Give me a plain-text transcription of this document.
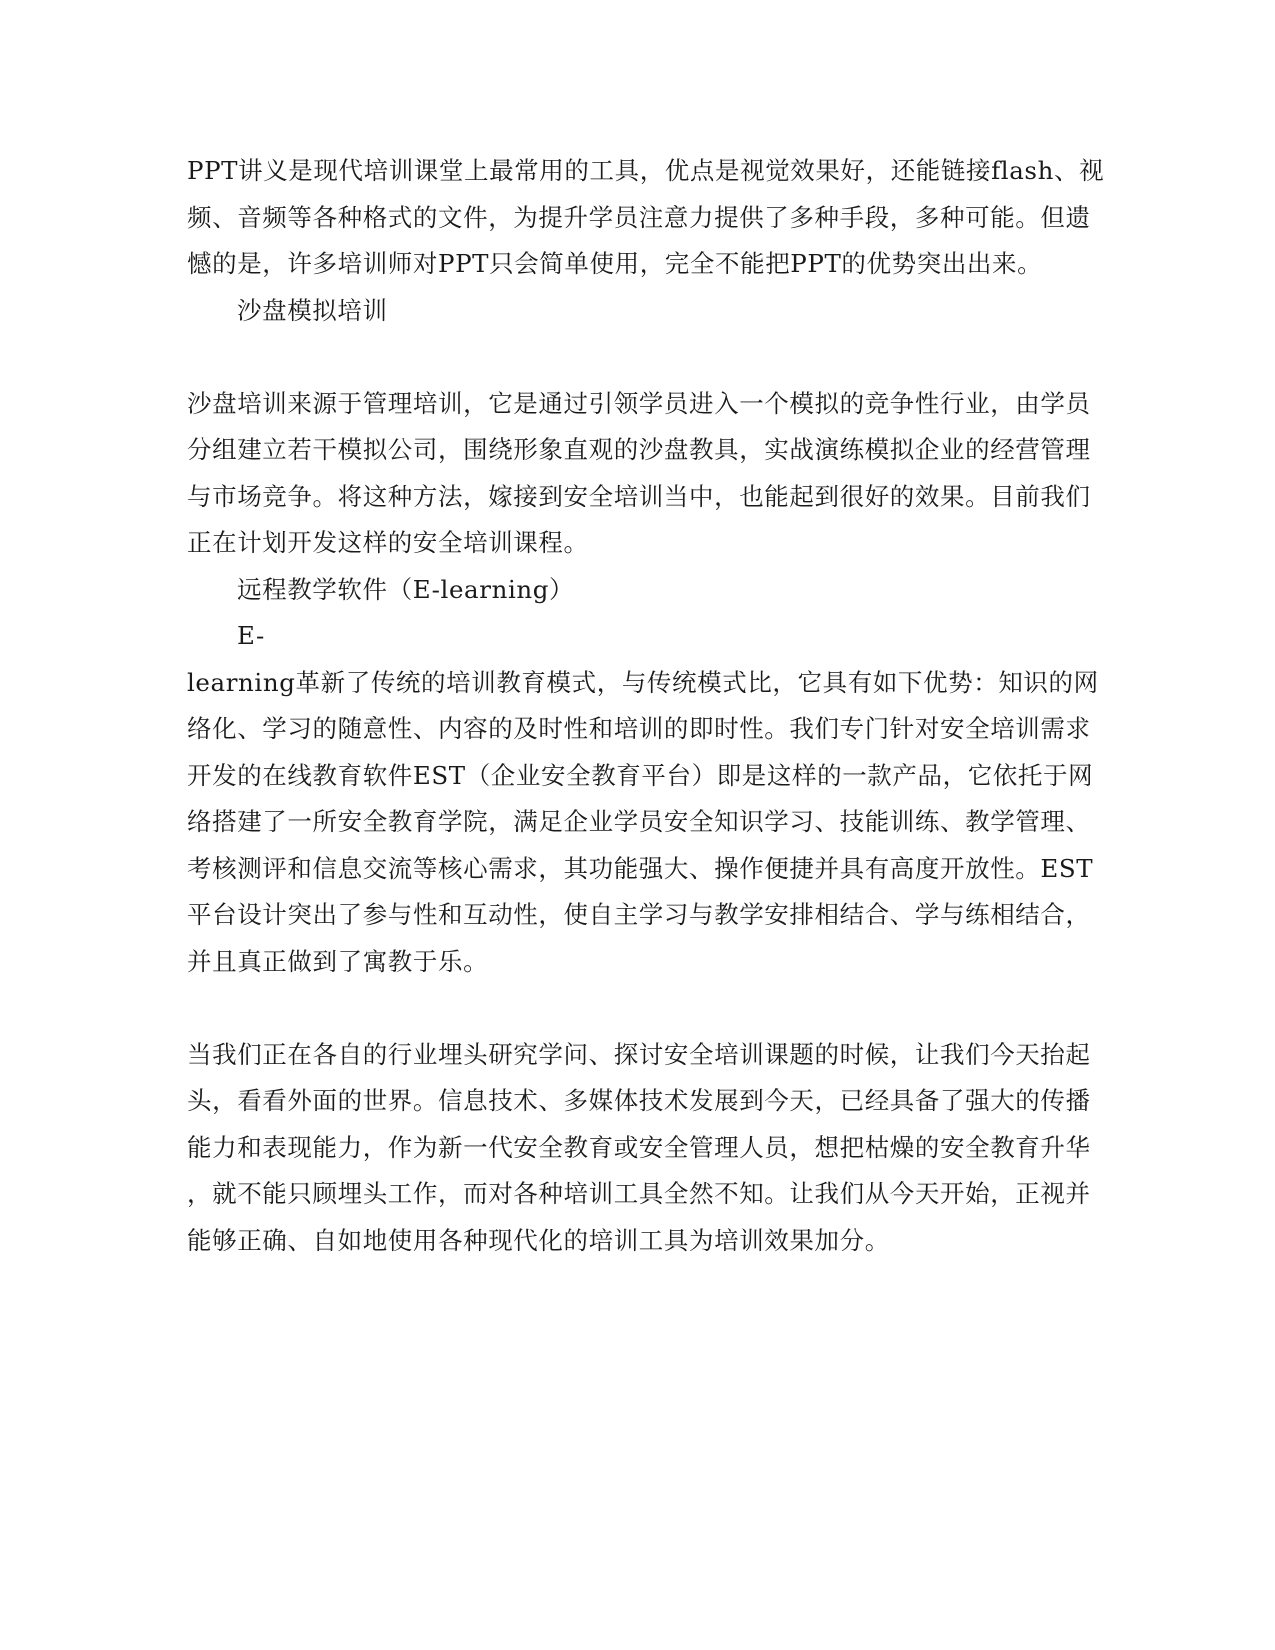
PPT讲义是现代培训课堂上最常用的工具，优点是视觉效果好，还能链接flash、视
频、音频等各种格式的文件，为提升学员注意力提供了多种手段，多种可能。但遗
憾的是，许多培训师对PPT只会简单使用，完全不能把PPT的优势突出出来。
沙盘模拟培训
沙盘培训来源于管理培训，它是通过引领学员进入一个模拟的竞争性行业，由学员
分组建立若干模拟公司，围绕形象直观的沙盘教具，实战演练模拟企业的经营管理
与市场竞争。将这种方法，嫁接到安全培训当中，也能起到很好的效果。目前我们
正在计划开发这样的安全培训课程。
远程教学软件（E-learning）
E-
learning革新了传统的培训教育模式，与传统模式比，它具有如下优势：知识的网
络化、学习的随意性、内容的及时性和培训的即时性。我们专门针对安全培训需求
开发的在线教育软件EST（企业安全教育平台）即是这样的一款产品，它依托于网
络搭建了一所安全教育学院，满足企业学员安全知识学习、技能训练、教学管理、
考核测评和信息交流等核心需求，其功能强大、操作便捷并具有高度开放性。EST
平台设计突出了参与性和互动性，使自主学习与教学安排相结合、学与练相结合，
并且真正做到了寓教于乐。
当我们正在各自的行业埋头研究学问、探讨安全培训课题的时候，让我们今天抬起
头，看看外面的世界。信息技术、多媒体技术发展到今天，已经具备了强大的传播
能力和表现能力，作为新一代安全教育或安全管理人员，想把枯燥的安全教育升华
，就不能只顾埋头工作，而对各种培训工具全然不知。让我们从今天开始，正视并
能够正确、自如地使用各种现代化的培训工具为培训效果加分。
